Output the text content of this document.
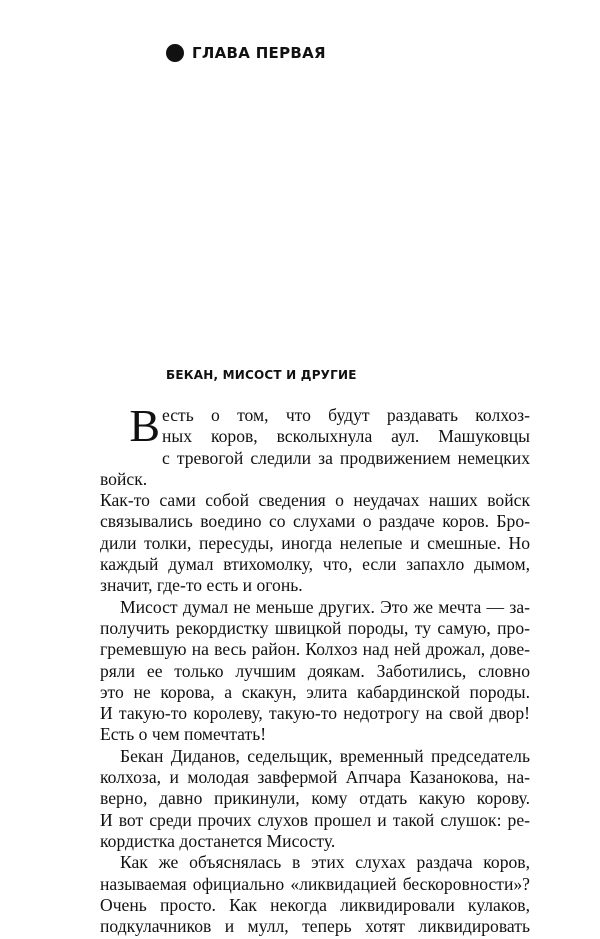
ГЛАВА ПЕРВАЯ
БЕКАН, МИСОСТ И ДРУГИЕ
В есть о том, что будут раздавать колхоз-

ных коров, всколыхнула аул. Машуковцы

с тревогой следили за продвижением немецких войск.

Как-то сами собой сведения о неудачах наших войск

связывались воедино со слухами о раздаче коров. Бро-

дили толки, пересуды, иногда нелепые и смешные. Но

каждый думал втихомолку, что, если запахло дымом,

значит, где-то есть и огонь.

Мисост думал не меньше других. Это же мечта — за-

получить рекордистку швицкой породы, ту самую, про-

гремевшую на весь район. Колхоз над ней дрожал, дове-

ряли ее только лучшим доякам. Заботились, словно

это не корова, а скакун, элита кабардинской породы.

И такую-то королеву, такую-то недотрогу на свой двор!

Есть о чем помечтать!

Бекан Диданов, седельщик, временный председатель

колхоза, и молодая завфермой Апчара Казанокова, на-

верно, давно прикинули, кому отдать какую корову.

И вот среди прочих слухов прошел и такой слушок: ре-

кордистка достанется Мисосту.

Как же объяснялась в этих слухах раздача коров,

называемая официально «ликвидацией бескоровности»?

Очень просто. Как некогда ликвидировали кулаков,

подкулачников и мулл, теперь хотят ликвидировать
